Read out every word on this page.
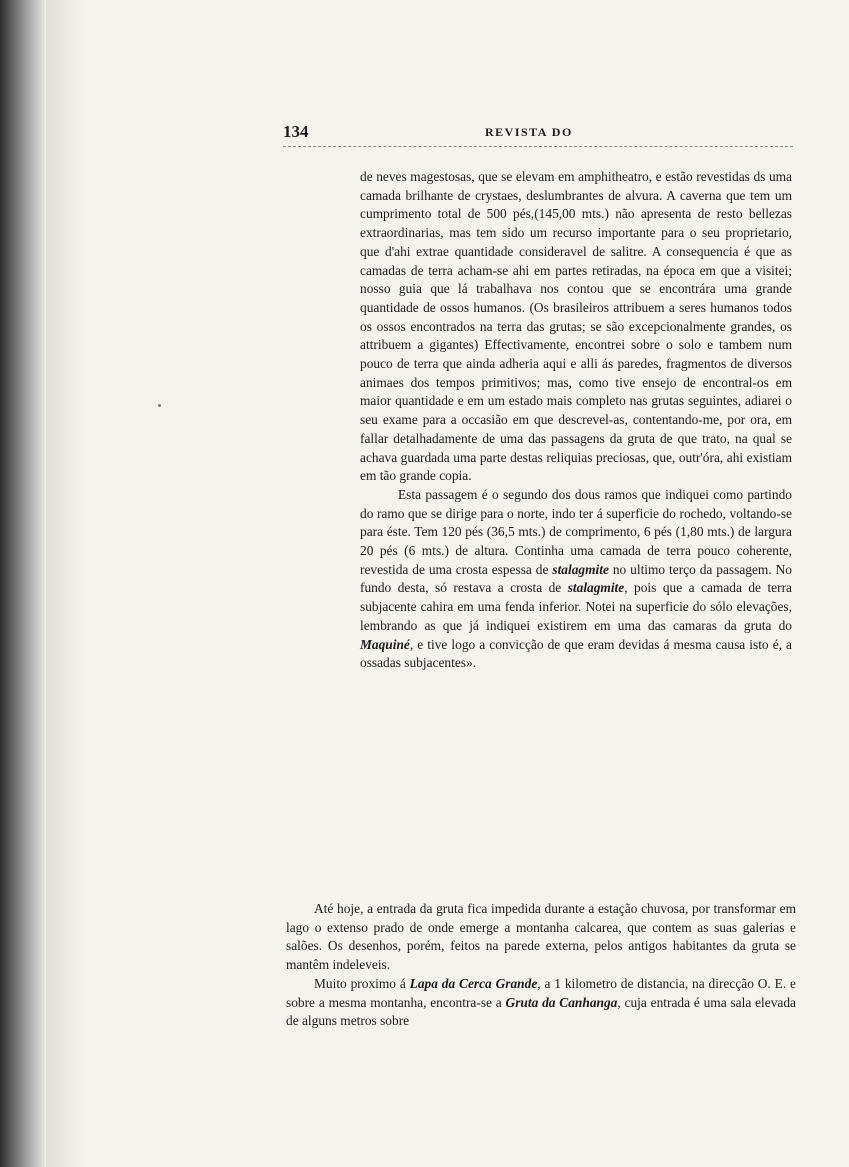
134	REVISTA DO

de neves magestosas, que se elevam em amphitheatro, e estão revestidas ds uma camada brilhante de crystaes, deslumbrantes de alvura. A caverna que tem um cumprimento total de 500 pés,(145,00 mts.) não apresenta de resto bellezas extraordinarias, mas tem sido um recurso importante para o seu proprietario, que d'ahi extrae quantidade consideravel de salitre. A consequencia é que as camadas de terra acham-se ahi em partes retiradas, na época em que a visitei; nosso guia que lá trabalhava nos contou que se encontrára uma grande quantidade de ossos humanos. (Os brasileiros attribuem a seres humanos todos os ossos encontrados na terra das grutas; se são excepcionalmente grandes, os attribuem a gigantes) Effectivamente, encontrei sobre o solo e tambem num pouco de terra que ainda adheria aqui e alli ás paredes, fragmentos de diversos animaes dos tempos primitivos; mas, como tive ensejo de encontral-os em maior quantidade e em um estado mais completo nas grutas seguintes, adiarei o seu exame para a occasião em que descrevel-as, contentando-me, por ora, em fallar detalhadamente de uma das passagens da gruta de que trato, na qual se achava guardada uma parte destas reliquias preciosas, que, outr'óra, ahi existiam em tão grande copia.

Esta passagem é o segundo dos dous ramos que indiquei como partindo do ramo que se dirige para o norte, indo ter á superficie do rochedo, voltando-se para éste. Tem 120 pés (36,5 mts.) de comprimento, 6 pés (1,80 mts.) de largura 20 pés (6 mts.) de altura. Continha uma camada de terra pouco coherente, revestida de uma crosta espessa de stalagmite no ultimo terço da passagem. No fundo desta, só restava a crosta de stalagmite, pois que a camada de terra subjacente cahira em uma fenda inferior. Notei na superficie do sólo elevações, lembrando as que já indiquei existirem em uma das camaras da gruta do Maquiné, e tive logo a convicção de que eram devidas á mesma causa isto é, a ossadas subjacentes».

Até hoje, a entrada da gruta fica impedida durante a estação chuvosa, por transformar em lago o extenso prado de onde emerge a montanha calcarea, que contem as suas galerias e salões. Os desenhos, porém, feitos na parede externa, pelos antigos habitantes da gruta se mantêm indeleveis.

Muito proximo á Lapa da Cerca Grande, a 1 kilometro de distancia, na direcção O. E. e sobre a mesma montanha, encontra-se a Gruta da Canhanga, cuja entrada é uma sala elevada de alguns metros sobre
